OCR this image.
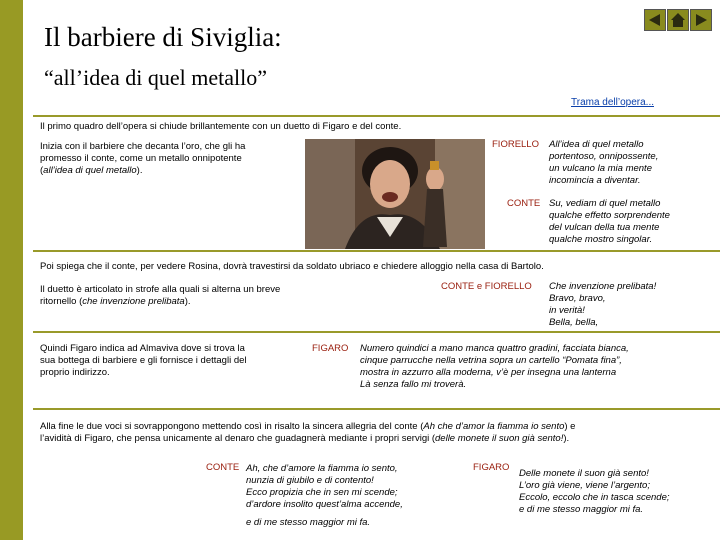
Il barbiere di Siviglia:
“all’idea di quel metallo”
Trama dell’opera...
Il primo quadro dell’opera si chiude brillantemente con un duetto di Figaro e del conte.
Inizia con il barbiere che decanta l’oro, che gli ha
promesso il conte, come un metallo onnipotente
(all’idea di quel metallo).
FIORELLO All’idea di quel metallo
portentoso, onnipossente,
un vulcano la mia mente
incomincia a diventar.
CONTE Su, vediam di quel metallo
qualche effetto sorprendente
del vulcan della tua mente
qualche mostro singolar.
Poi spiega che il conte, per vedere Rosina, dovrà travestirsi da soldato ubriaco e chiedere alloggio nella casa di Bartolo.
Il duetto è articolato in strofe alla quali si alterna un breve
ritornello (che invenzione prelibata).
CONTE e FIORELLO Che invenzione prelibata!
Bravo, bravo,
in verità!
Bella, bella,
Quindi Figaro indica ad Almaviva dove si trova la
sua bottega di barbiere e gli fornisce i dettagli del
proprio indirizzo.
FIGARO Numero quindici a mano manca quattro gradini, facciata bianca,
cinque parrucche nella vetrina sopra un cartello “Pomata fina”,
mostra in azzurro alla moderna, v’è per insegna una lanterna
Là senza fallo mi troverà.
Alla fine le due voci si sovrappongono mettendo così in risalto la sincera allegria del conte (Ah che d’amor la fiamma io sento) e
l’avidità di Figaro, che pensa unicamente al denaro che guadagnerà mediante i propri servigi (delle monete il suon già sento!).
CONTE Ah, che d’amore la fiamma io sento,
nunzia di giubilo e di contento!
Ecco propizia che in sen mi scende;
d’ardore insolito quest’alma accende,
e di me stesso maggior mi fa.
FIGARO
Delle monete il suon già sento!
L’oro già viene, viene l’argento;
Eccolo, eccolo che in tasca scende;
e di me stesso maggior mi fa.
